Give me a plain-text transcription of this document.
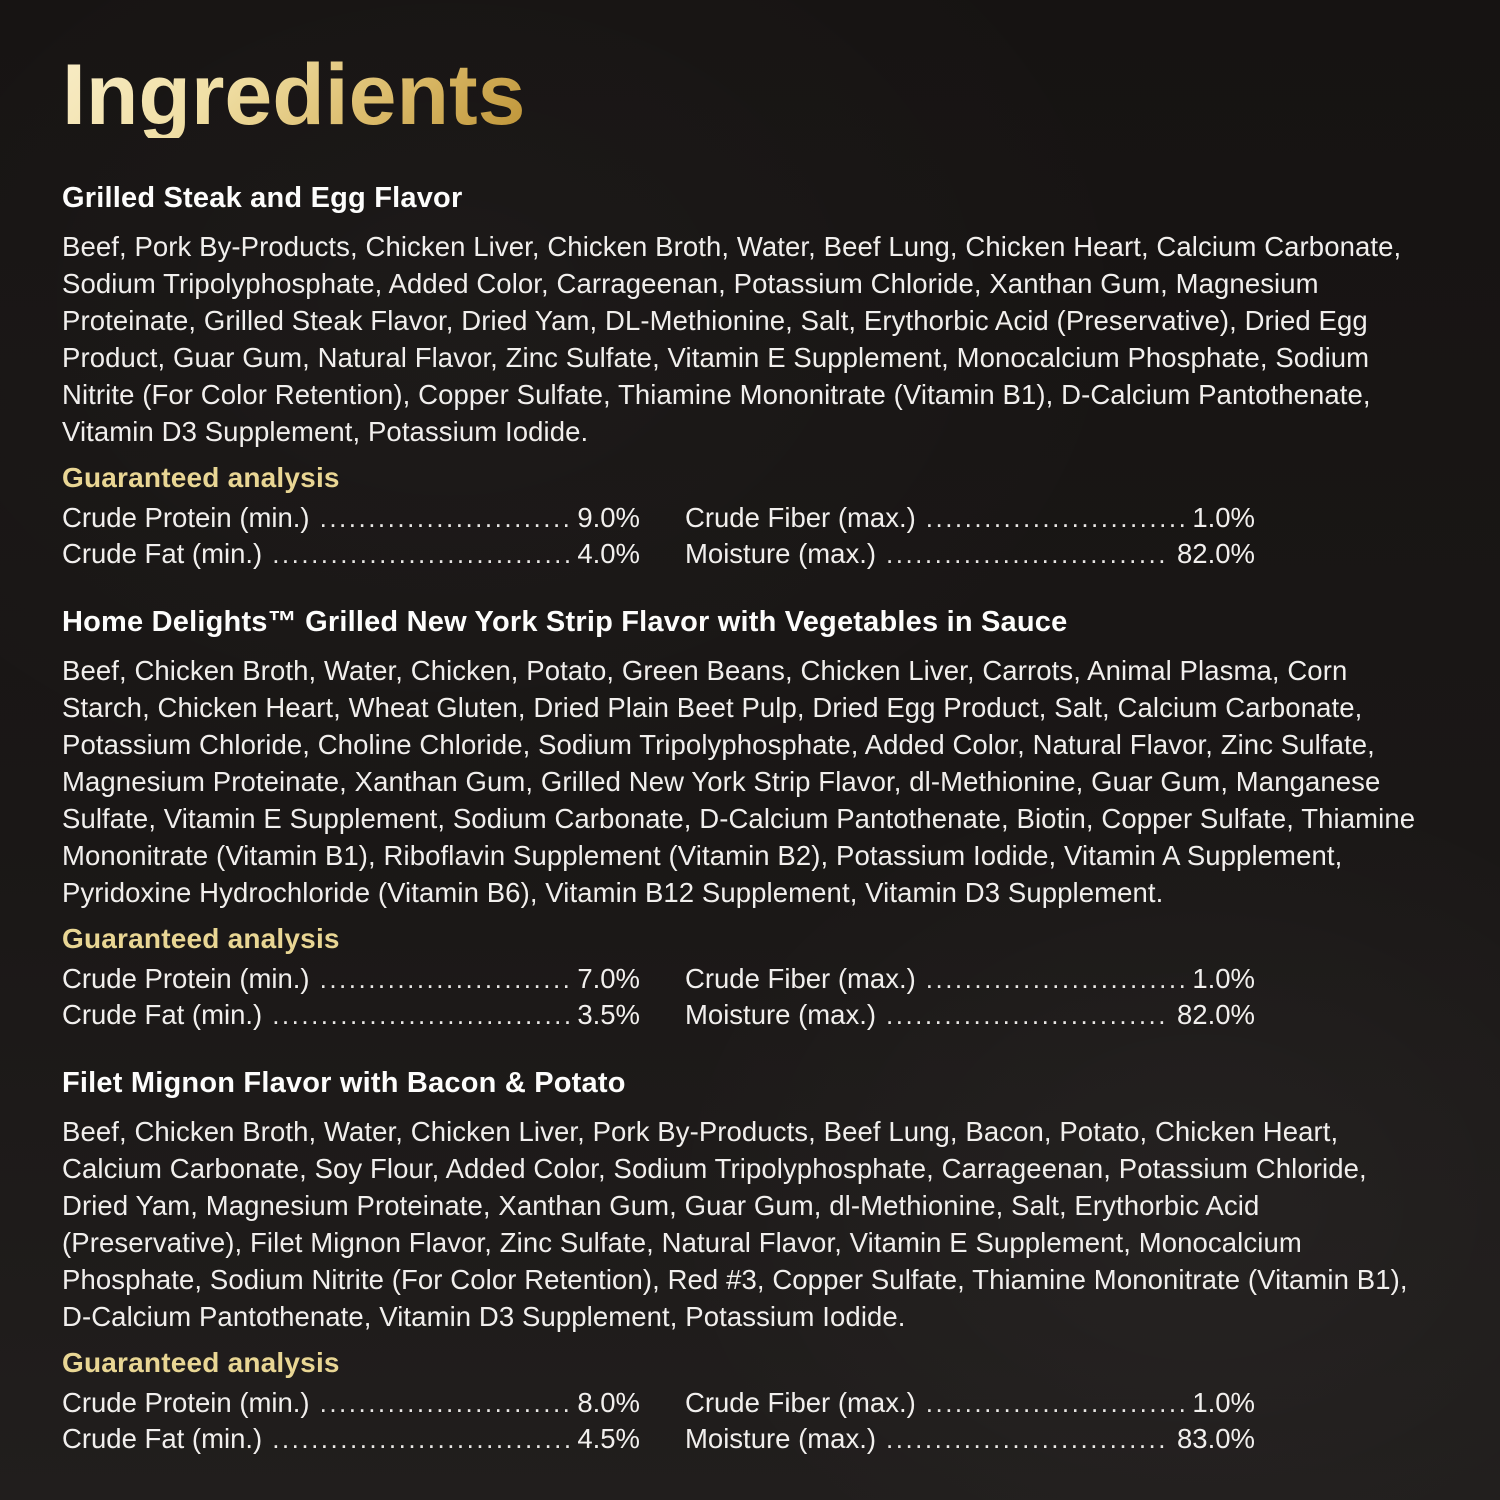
Ingredients
Grilled Steak and Egg Flavor

Beef, Pork By-Products, Chicken Liver, Chicken Broth, Water, Beef Lung, Chicken Heart, Calcium Carbonate, Sodium Tripolyphosphate, Added Color, Carrageenan, Potassium Chloride, Xanthan Gum, Magnesium Proteinate, Grilled Steak Flavor, Dried Yam, DL-Methionine, Salt, Erythorbic Acid (Preservative), Dried Egg Product, Guar Gum, Natural Flavor, Zinc Sulfate, Vitamin E Supplement, Monocalcium Phosphate, Sodium Nitrite (For Color Retention), Copper Sulfate, Thiamine Mononitrate (Vitamin B1), D-Calcium Pantothenate, Vitamin D3 Supplement, Potassium Iodide.

Guaranteed analysis
Crude Protein (min.) .....	9.0%
Crude Fat (min.) .....	4.0%
Crude Fiber (max.) .....	1.0%
Moisture (max.) .....	82.0%
Home Delights™ Grilled New York Strip Flavor with Vegetables in Sauce

Beef, Chicken Broth, Water, Chicken, Potato, Green Beans, Chicken Liver, Carrots, Animal Plasma, Corn Starch, Chicken Heart, Wheat Gluten, Dried Plain Beet Pulp, Dried Egg Product, Salt, Calcium Carbonate, Potassium Chloride, Choline Chloride, Sodium Tripolyphosphate, Added Color, Natural Flavor, Zinc Sulfate, Magnesium Proteinate, Xanthan Gum, Grilled New York Strip Flavor, dl-Methionine, Guar Gum, Manganese Sulfate, Vitamin E Supplement, Sodium Carbonate, D-Calcium Pantothenate, Biotin, Copper Sulfate, Thiamine Mononitrate (Vitamin B1), Riboflavin Supplement (Vitamin B2), Potassium Iodide, Vitamin A Supplement, Pyridoxine Hydrochloride (Vitamin B6), Vitamin B12 Supplement, Vitamin D3 Supplement.

Guaranteed analysis
Crude Protein (min.) .....	7.0%
Crude Fat (min.) .....	3.5%
Crude Fiber (max.) .....	1.0%
Moisture (max.) .....	82.0%
Filet Mignon Flavor with Bacon & Potato

Beef, Chicken Broth, Water, Chicken Liver, Pork By-Products, Beef Lung, Bacon, Potato, Chicken Heart, Calcium Carbonate, Soy Flour, Added Color, Sodium Tripolyphosphate, Carrageenan, Potassium Chloride, Dried Yam, Magnesium Proteinate, Xanthan Gum, Guar Gum, dl-Methionine, Salt, Erythorbic Acid (Preservative), Filet Mignon Flavor, Zinc Sulfate, Natural Flavor, Vitamin E Supplement, Monocalcium Phosphate, Sodium Nitrite (For Color Retention), Red #3, Copper Sulfate, Thiamine Mononitrate (Vitamin B1), D-Calcium Pantothenate, Vitamin D3 Supplement, Potassium Iodide.

Guaranteed analysis
Crude Protein (min.) .....	8.0%
Crude Fat (min.) .....	4.5%
Crude Fiber (max.) .....	1.0%
Moisture (max.) .....	83.0%
